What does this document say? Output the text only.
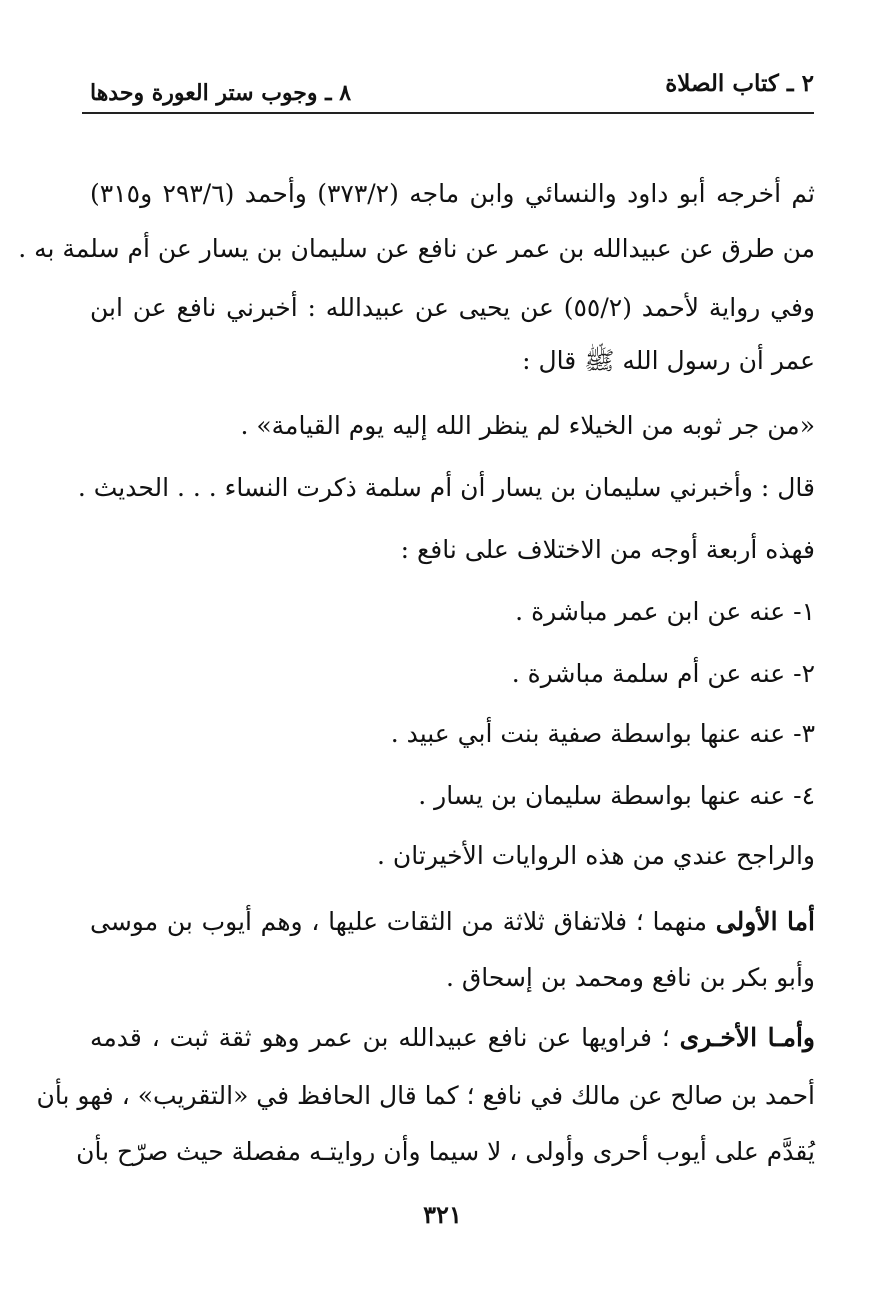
٢ ـ كتاب الصلاة
٨ ـ وجوب ستر العورة وحدها
ثم أخرجه أبو داود والنسائي وابن ماجه (٣٧٣/٢) وأحمد (٢٩٣/٦ و٣١٥)
من طرق عن عبيدالله بن عمر عن نافع عن سليمان بن يسار عن أم سلمة به .
وفي رواية لأحمد (٥٥/٢) عن يحيى عن عبيدالله : أخبرني نافع عن ابن
عمر أن رسول الله ﷺ قال :
«من جر ثوبه من الخيلاء لم ينظر الله إليه يوم القيامة» .
قال : وأخبرني سليمان بن يسار أن أم سلمة ذكرت النساء . . . الحديث .
فهذه أربعة أوجه من الاختلاف على نافع :
١- عنه عن ابن عمر مباشرة .
٢- عنه عن أم سلمة مباشرة .
٣- عنه عنها بواسطة صفية بنت أبي عبيد .
٤- عنه عنها بواسطة سليمان بن يسار .
والراجح عندي من هذه الروايات الأخيرتان .
أما الأولى منهما ؛ فلاتفاق ثلاثة من الثقات عليها ، وهم أيوب بن موسى
وأبو بكر بن نافع ومحمد بن إسحاق .
وأمـا الأخـرى ؛ فراويها عن نافع عبيدالله بن عمر وهو ثقة ثبت ، قدمه
أحمد بن صالح عن مالك في نافع ؛ كما قال الحافظ في «التقريب» ، فهو بأن
يُقدَّم على أيوب أحرى وأولى ، لا سيما وأن روايتـه مفصلة حيث صرّح بأن
٣٢١
